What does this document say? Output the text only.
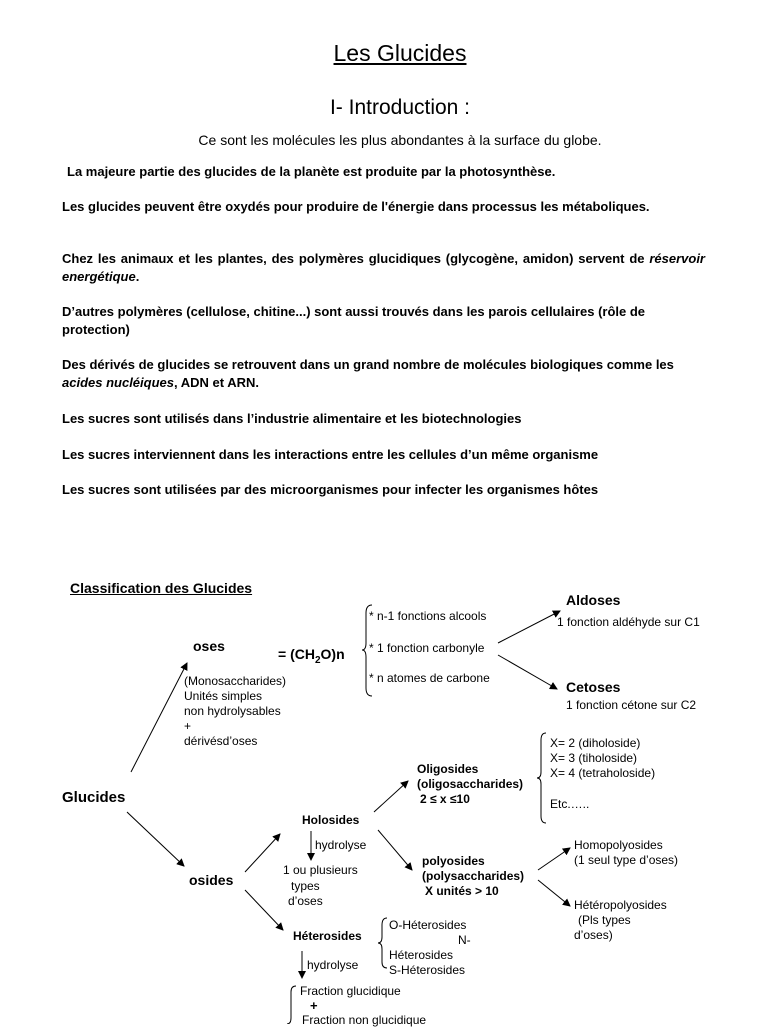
Les Glucides
I- Introduction :
Ce sont les molécules les plus abondantes à la surface du globe.
La majeure partie des glucides de la planète est produite par la photosynthèse.
Les glucides peuvent être oxydés pour produire de l'énergie dans processus les métaboliques.
Chez les animaux et les plantes, des polymères glucidiques (glycogène, amidon) servent de réservoir energétique.
D’autres polymères (cellulose, chitine...) sont aussi trouvés dans les parois cellulaires (rôle de protection)
Des dérivés de glucides se retrouvent dans un grand nombre de molécules biologiques comme les acides nucléiques, ADN et ARN.
Les sucres sont utilisés dans l’industrie alimentaire et les biotechnologies
Les sucres interviennent dans les interactions entre les cellules d’un même organisme
Les sucres sont utilisées par des microorganismes pour infecter les organismes hôtes
Classification des Glucides
Glucides
oses	= $(CH_2O)n$
* n-1 fonctions alcools
* 1 fonction carbonyle
* n atomes de carbone
Aldoses
1 fonction aldéhyde sur C1
Cetoses
1 fonction cétone sur C2
(Monosaccharides)
Unités simples
non hydrolysables
+
dérivésd’oses
osides
Holosides
hydrolyse
1 ou plusieurs
types
d’oses
Oligosides
(oligosaccharides)
2 ≤ x ≤10
X= 2 (diholoside)
X= 3 (tiholoside)
X= 4 (tetraholoside)
Etc.…..
polyosides
(polysaccharides)
X unités > 10
Homopolyosides
(1 seul type d’oses)
Hétéropolyosides
(Pls types
d’oses)
Héterosides
O-Héterosides
N-
Héterosides
S-Héterosides
hydrolyse
Fraction glucidique
+
Fraction non glucidique
